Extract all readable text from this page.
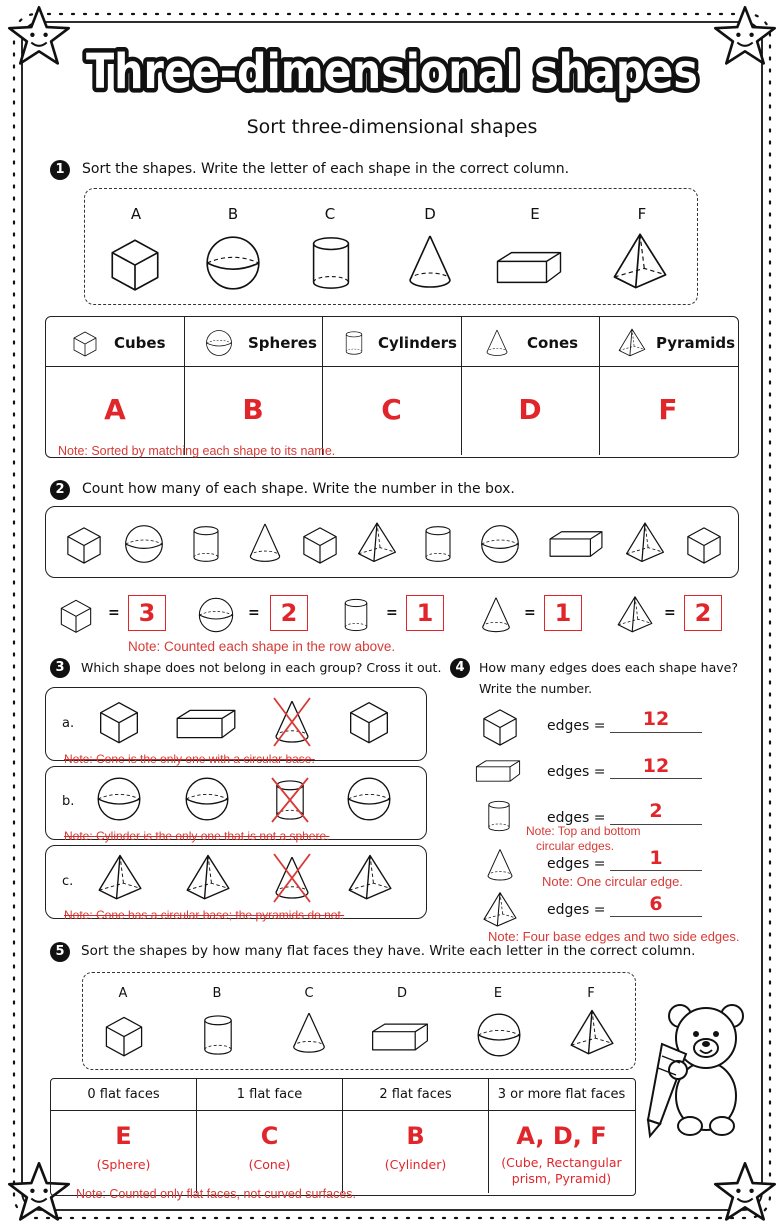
Three-dimensional shapes
Sort three-dimensional shapes
1	Sort the shapes. Write the letter of each shape in the correct column.
A	B	C	D	E	F
Cubes	Spheres	Cylinders	Cones	Pyramids
A	B	C	D	F
Note: Sorted by matching each shape to its name.
2	Count how many of each shape. Write the number in the box.
= 3	= 2	= 1	= 1	= 2
Note: Counted each shape in the row above.
3	Which shape does not belong in each group? Cross it out.
a.
Note: Cone is the only one with a circular base.
b.
Note: Cylinder is the only one that is not a sphere.
c.
Note: Cone has a circular base; the pyramids do not.
4	How many edges does each shape have?
Write the number.
edges =	12
edges =	12
edges =	2
Note: Top and bottom
circular edges.
edges =	1
Note: One circular edge.
edges =	6
Note: Four base edges and two side edges.
5	Sort the shapes by how many flat faces they have. Write each letter in the correct column.
A	B	C	D	E	F
0 flat faces	1 flat face	2 flat faces	3 or more flat faces
E	C	B	A, D, F
(Sphere)	(Cone)	(Cylinder)	(Cube, Rectangular
prism, Pyramid)
Note: Counted only flat faces, not curved surfaces.
